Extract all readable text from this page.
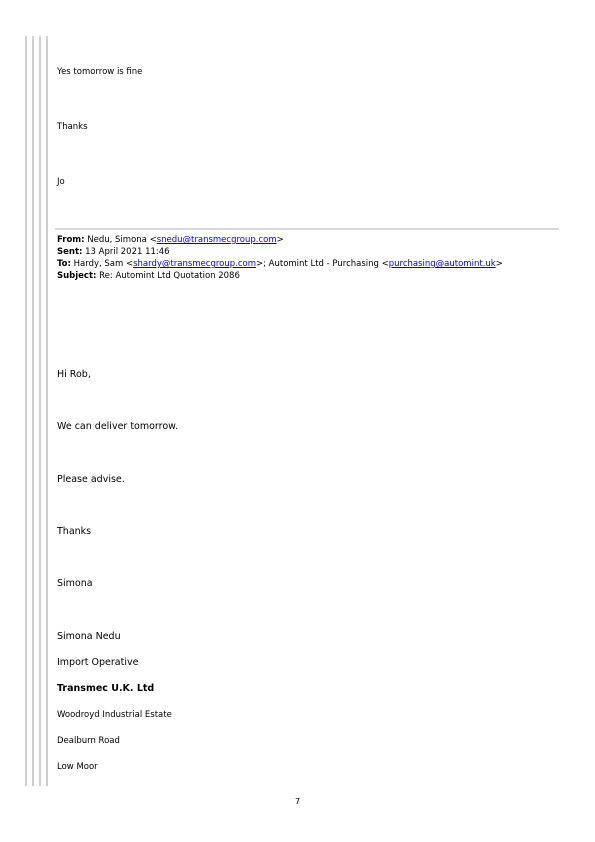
Yes tomorrow is fine
Thanks
Jo
From: Nedu, Simona <snedu@transmecgroup.com>
Sent: 13 April 2021 11:46
To: Hardy, Sam <shardy@transmecgroup.com>; Automint Ltd - Purchasing <purchasing@automint.uk>
Subject: Re: Automint Ltd Quotation 2086
Hi Rob,
We can deliver tomorrow.
Please advise.
Thanks
Simona
Simona Nedu
Import Operative
Transmec U.K. Ltd
Woodroyd Industrial Estate
Dealburn Road
Low Moor
7
